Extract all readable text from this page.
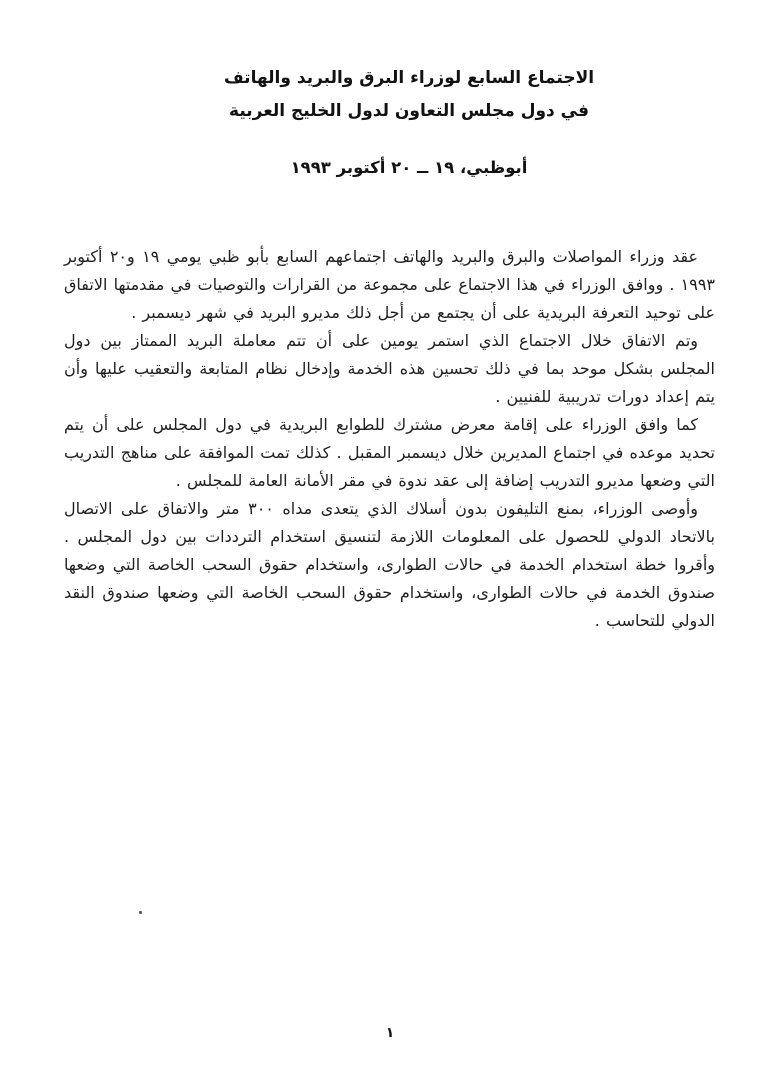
الاجتماع السابع لوزراء البرق والبريد والهاتف
في دول مجلس التعاون لدول الخليج العربية
أبوظبي، ١٩ ــ ٢٠ أكتوبر ١٩٩٣

عقد وزراء المواصلات والبرق والبريد والهاتف اجتماعهم السابع بأبو ظبي يومي ١٩ و٢٠ أكتوبر ١٩٩٣ . ووافق الوزراء في هذا الاجتماع على مجموعة من القرارات والتوصيات في مقدمتها الاتفاق على توحيد التعرفة البريدية على أن يجتمع من أجل ذلك مديرو البريد في شهر ديسمبر .

وتم الاتفاق خلال الاجتماع الذي استمر يومين على أن تتم معاملة البريد الممتاز بين دول المجلس بشكل موحد بما في ذلك تحسين هذه الخدمة وإدخال نظام المتابعة والتعقيب عليها وأن يتم إعداد دورات تدريبية للفنيين .

كما وافق الوزراء على إقامة معرض مشترك للطوابع البريدية في دول المجلس على أن يتم تحديد موعده في اجتماع المديرين خلال ديسمبر المقبل . كذلك تمت الموافقة على مناهج التدريب التي وضعها مديرو التدريب إضافة إلى عقد ندوة في مقر الأمانة العامة للمجلس .

وأوصى الوزراء، بمنع التليفون بدون أسلاك الذي يتعدى مداه ٣٠٠ متر والاتفاق على الاتصال بالاتحاد الدولي للحصول على المعلومات اللازمة لتنسيق استخدام الترددات بين دول المجلس . وأقروا خطة استخدام الخدمة في حالات الطوارى، واستخدام حقوق السحب الخاصة التي وضعها صندوق الخدمة في حالات الطوارى، واستخدام حقوق السحب الخاصة التي وضعها صندوق النقد الدولي للتحاسب .

١
